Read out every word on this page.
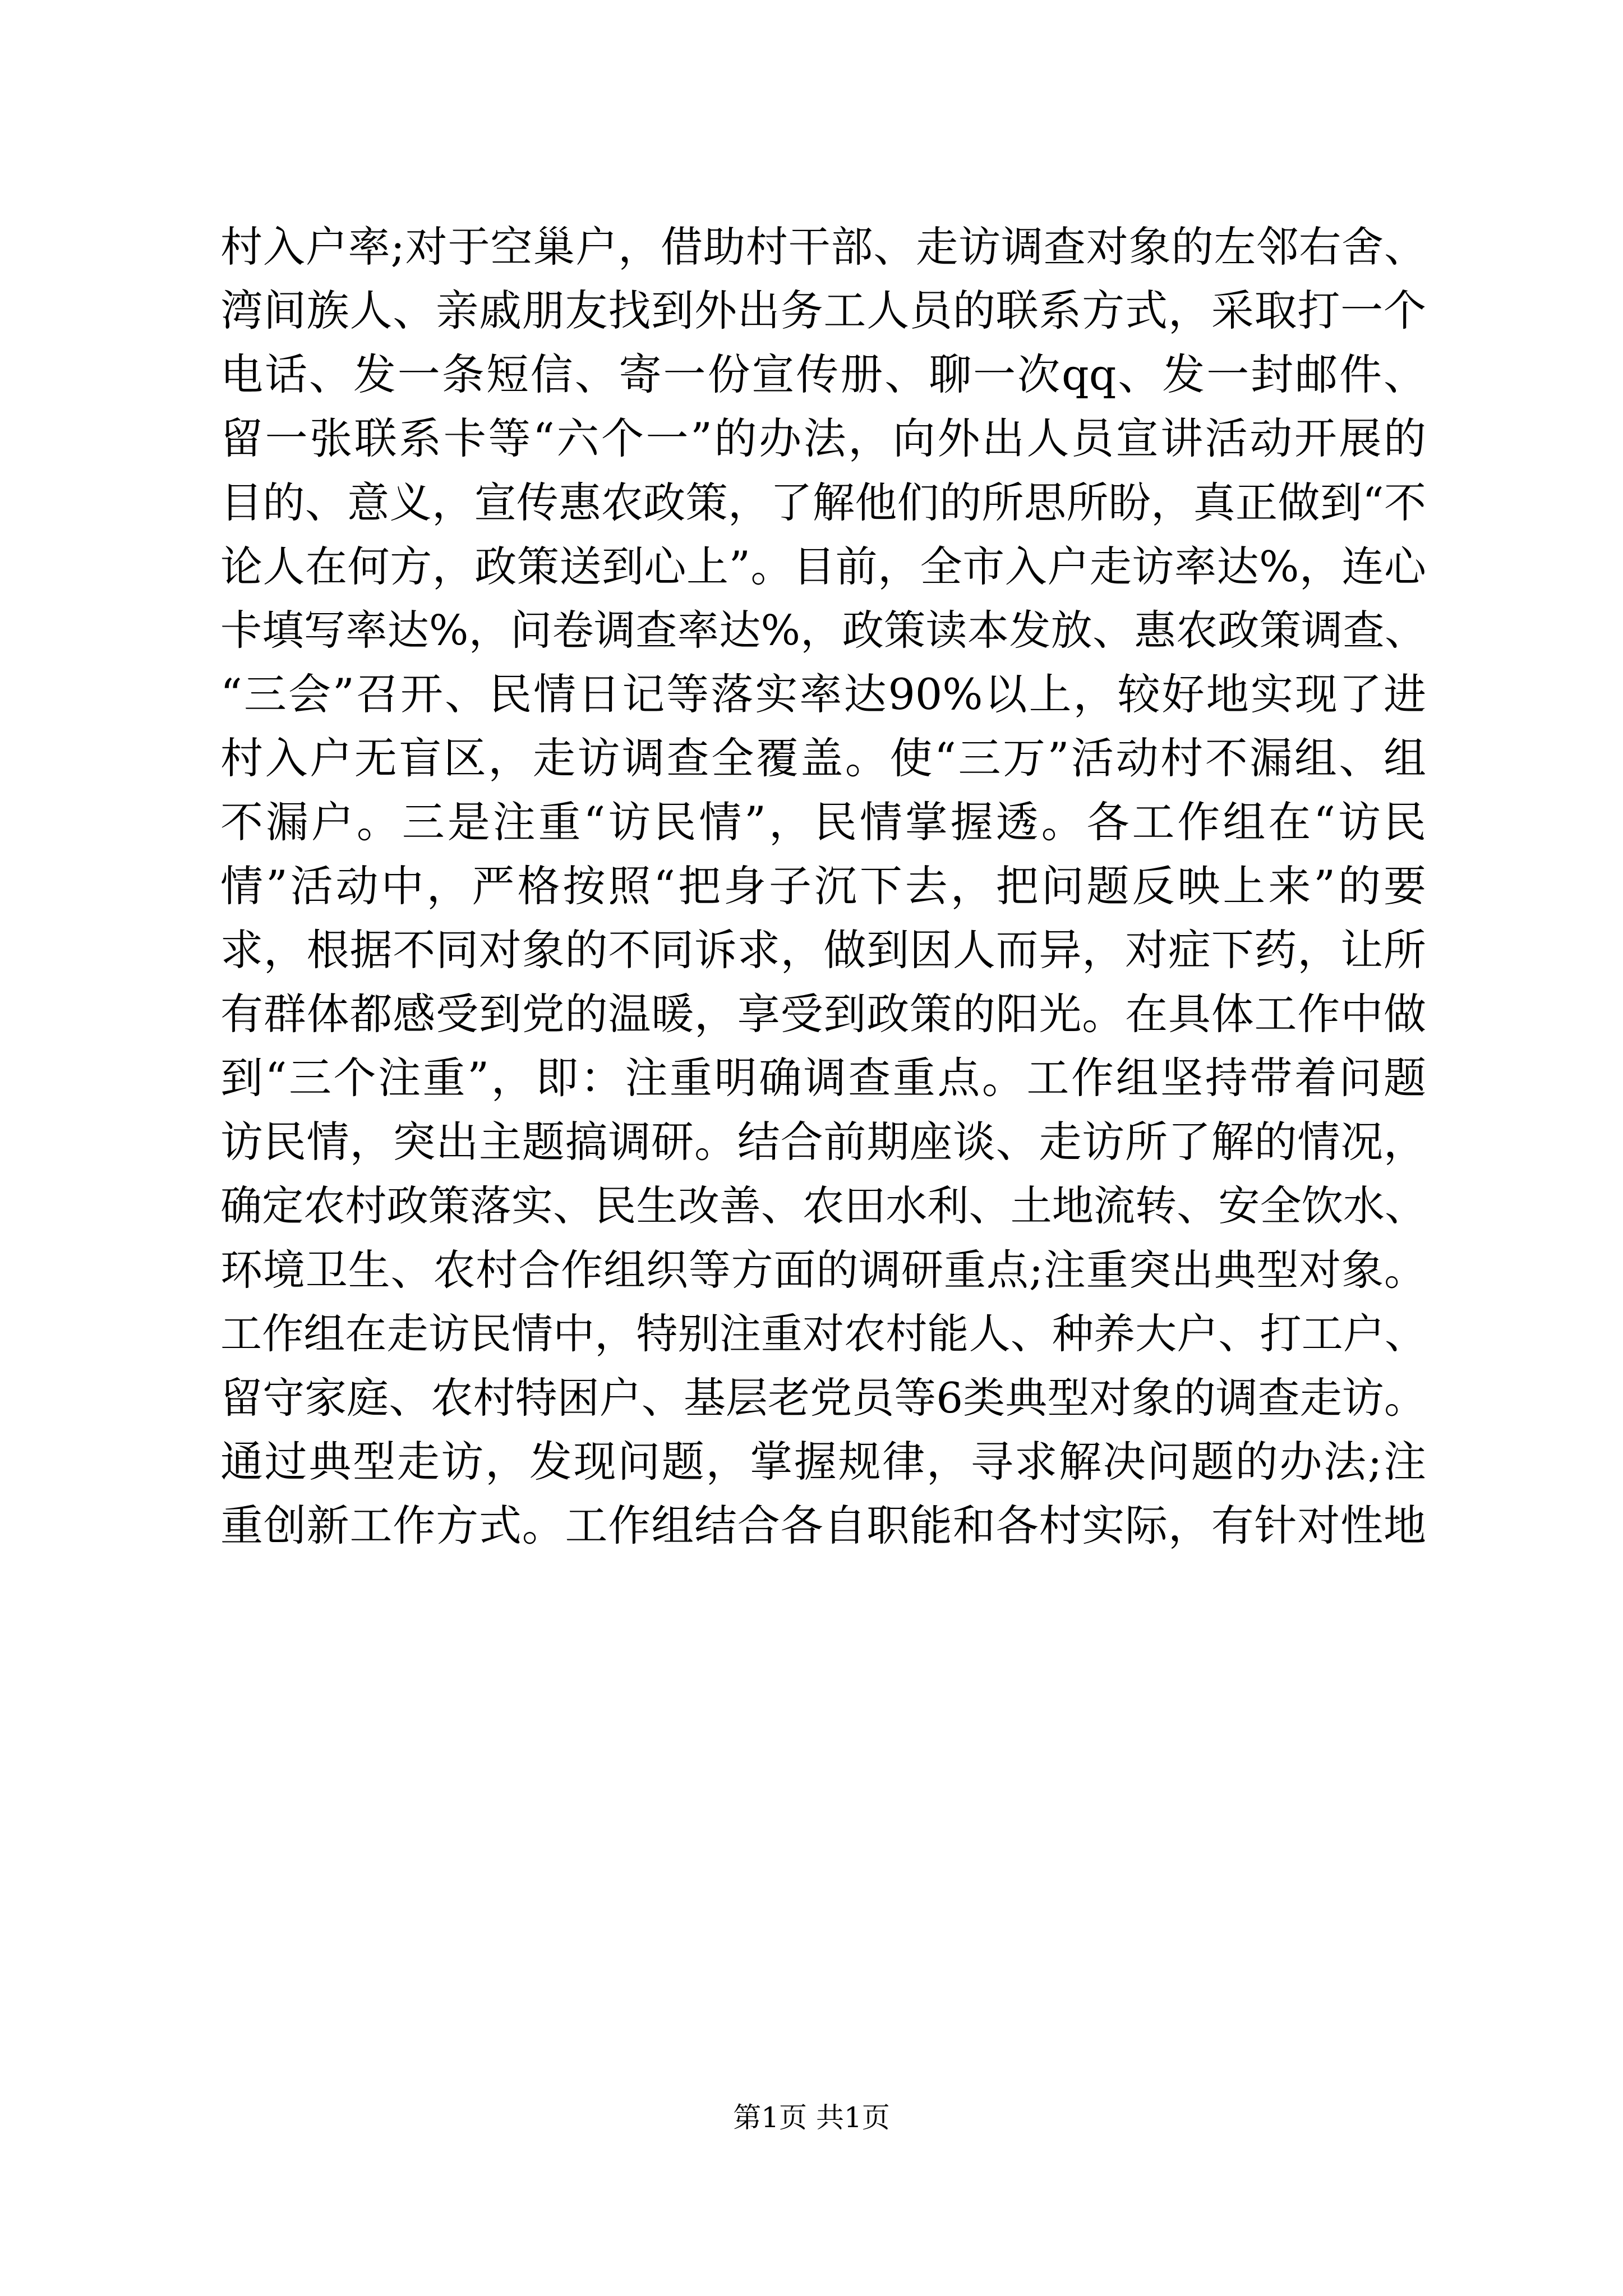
村入户率;对于空巢户，借助村干部、走访调查对象的左邻右舍、
湾间族人、亲戚朋友找到外出务工人员的联系方式，采取打一个
电话、发一条短信、寄一份宣传册、聊一次qq、发一封邮件、
留一张联系卡等“六个一”的办法，向外出人员宣讲活动开展的
目的、意义，宣传惠农政策，了解他们的所思所盼，真正做到“不
论人在何方，政策送到心上”。目前，全市入户走访率达%，连心
卡填写率达%，问卷调查率达%，政策读本发放、惠农政策调查、
“三会”召开、民情日记等落实率达90%以上，较好地实现了进
村入户无盲区，走访调查全覆盖。使“三万”活动村不漏组、组
不漏户。三是注重“访民情”，民情掌握透。各工作组在“访民
情”活动中，严格按照“把身子沉下去，把问题反映上来”的要
求，根据不同对象的不同诉求，做到因人而异，对症下药，让所
有群体都感受到党的温暖，享受到政策的阳光。在具体工作中做
到“三个注重”，即：注重明确调查重点。工作组坚持带着问题
访民情，突出主题搞调研。结合前期座谈、走访所了解的情况，
确定农村政策落实、民生改善、农田水利、土地流转、安全饮水、
环境卫生、农村合作组织等方面的调研重点;注重突出典型对象。
工作组在走访民情中，特别注重对农村能人、种养大户、打工户、
留守家庭、农村特困户、基层老党员等6类典型对象的调查走访。
通过典型走访，发现问题，掌握规律，寻求解决问题的办法;注
重创新工作方式。工作组结合各自职能和各村实际，有针对性地
第1页 共1页
